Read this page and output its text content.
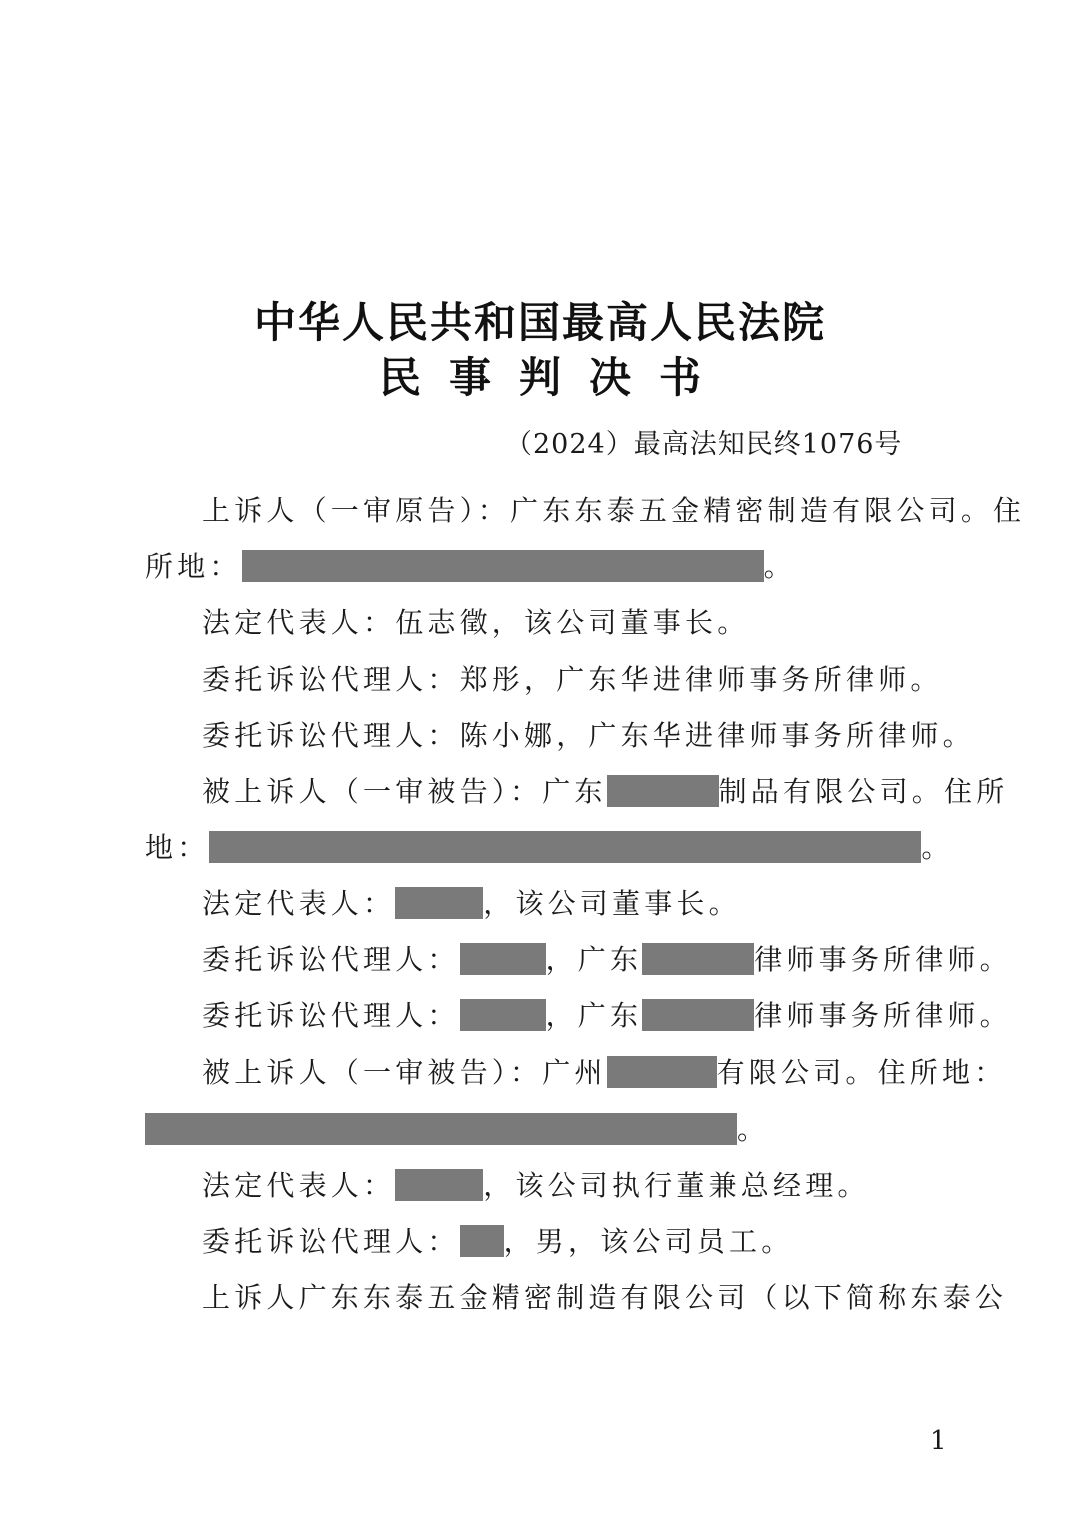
中华人民共和国最高人民法院
民事判决书
（2024）最高法知民终1076号
上诉人（一审原告）：广东东泰五金精密制造有限公司。住
所地：	。
法定代表人：伍志徵，该公司董事长。
委托诉讼代理人：郑彤，广东华进律师事务所律师。
委托诉讼代理人：陈小娜，广东华进律师事务所律师。
被上诉人（一审被告）：广东	制品有限公司。住所
地：	。
法定代表人：	，该公司董事长。
委托诉讼代理人：	，广东	律师事务所律师。
委托诉讼代理人：	，广东	律师事务所律师。
被上诉人（一审被告）：广州	有限公司。住所地：
。
法定代表人：	，该公司执行董兼总经理。
委托诉讼代理人： ，男，该公司员工。
上诉人广东东泰五金精密制造有限公司（以下简称东泰公
1
